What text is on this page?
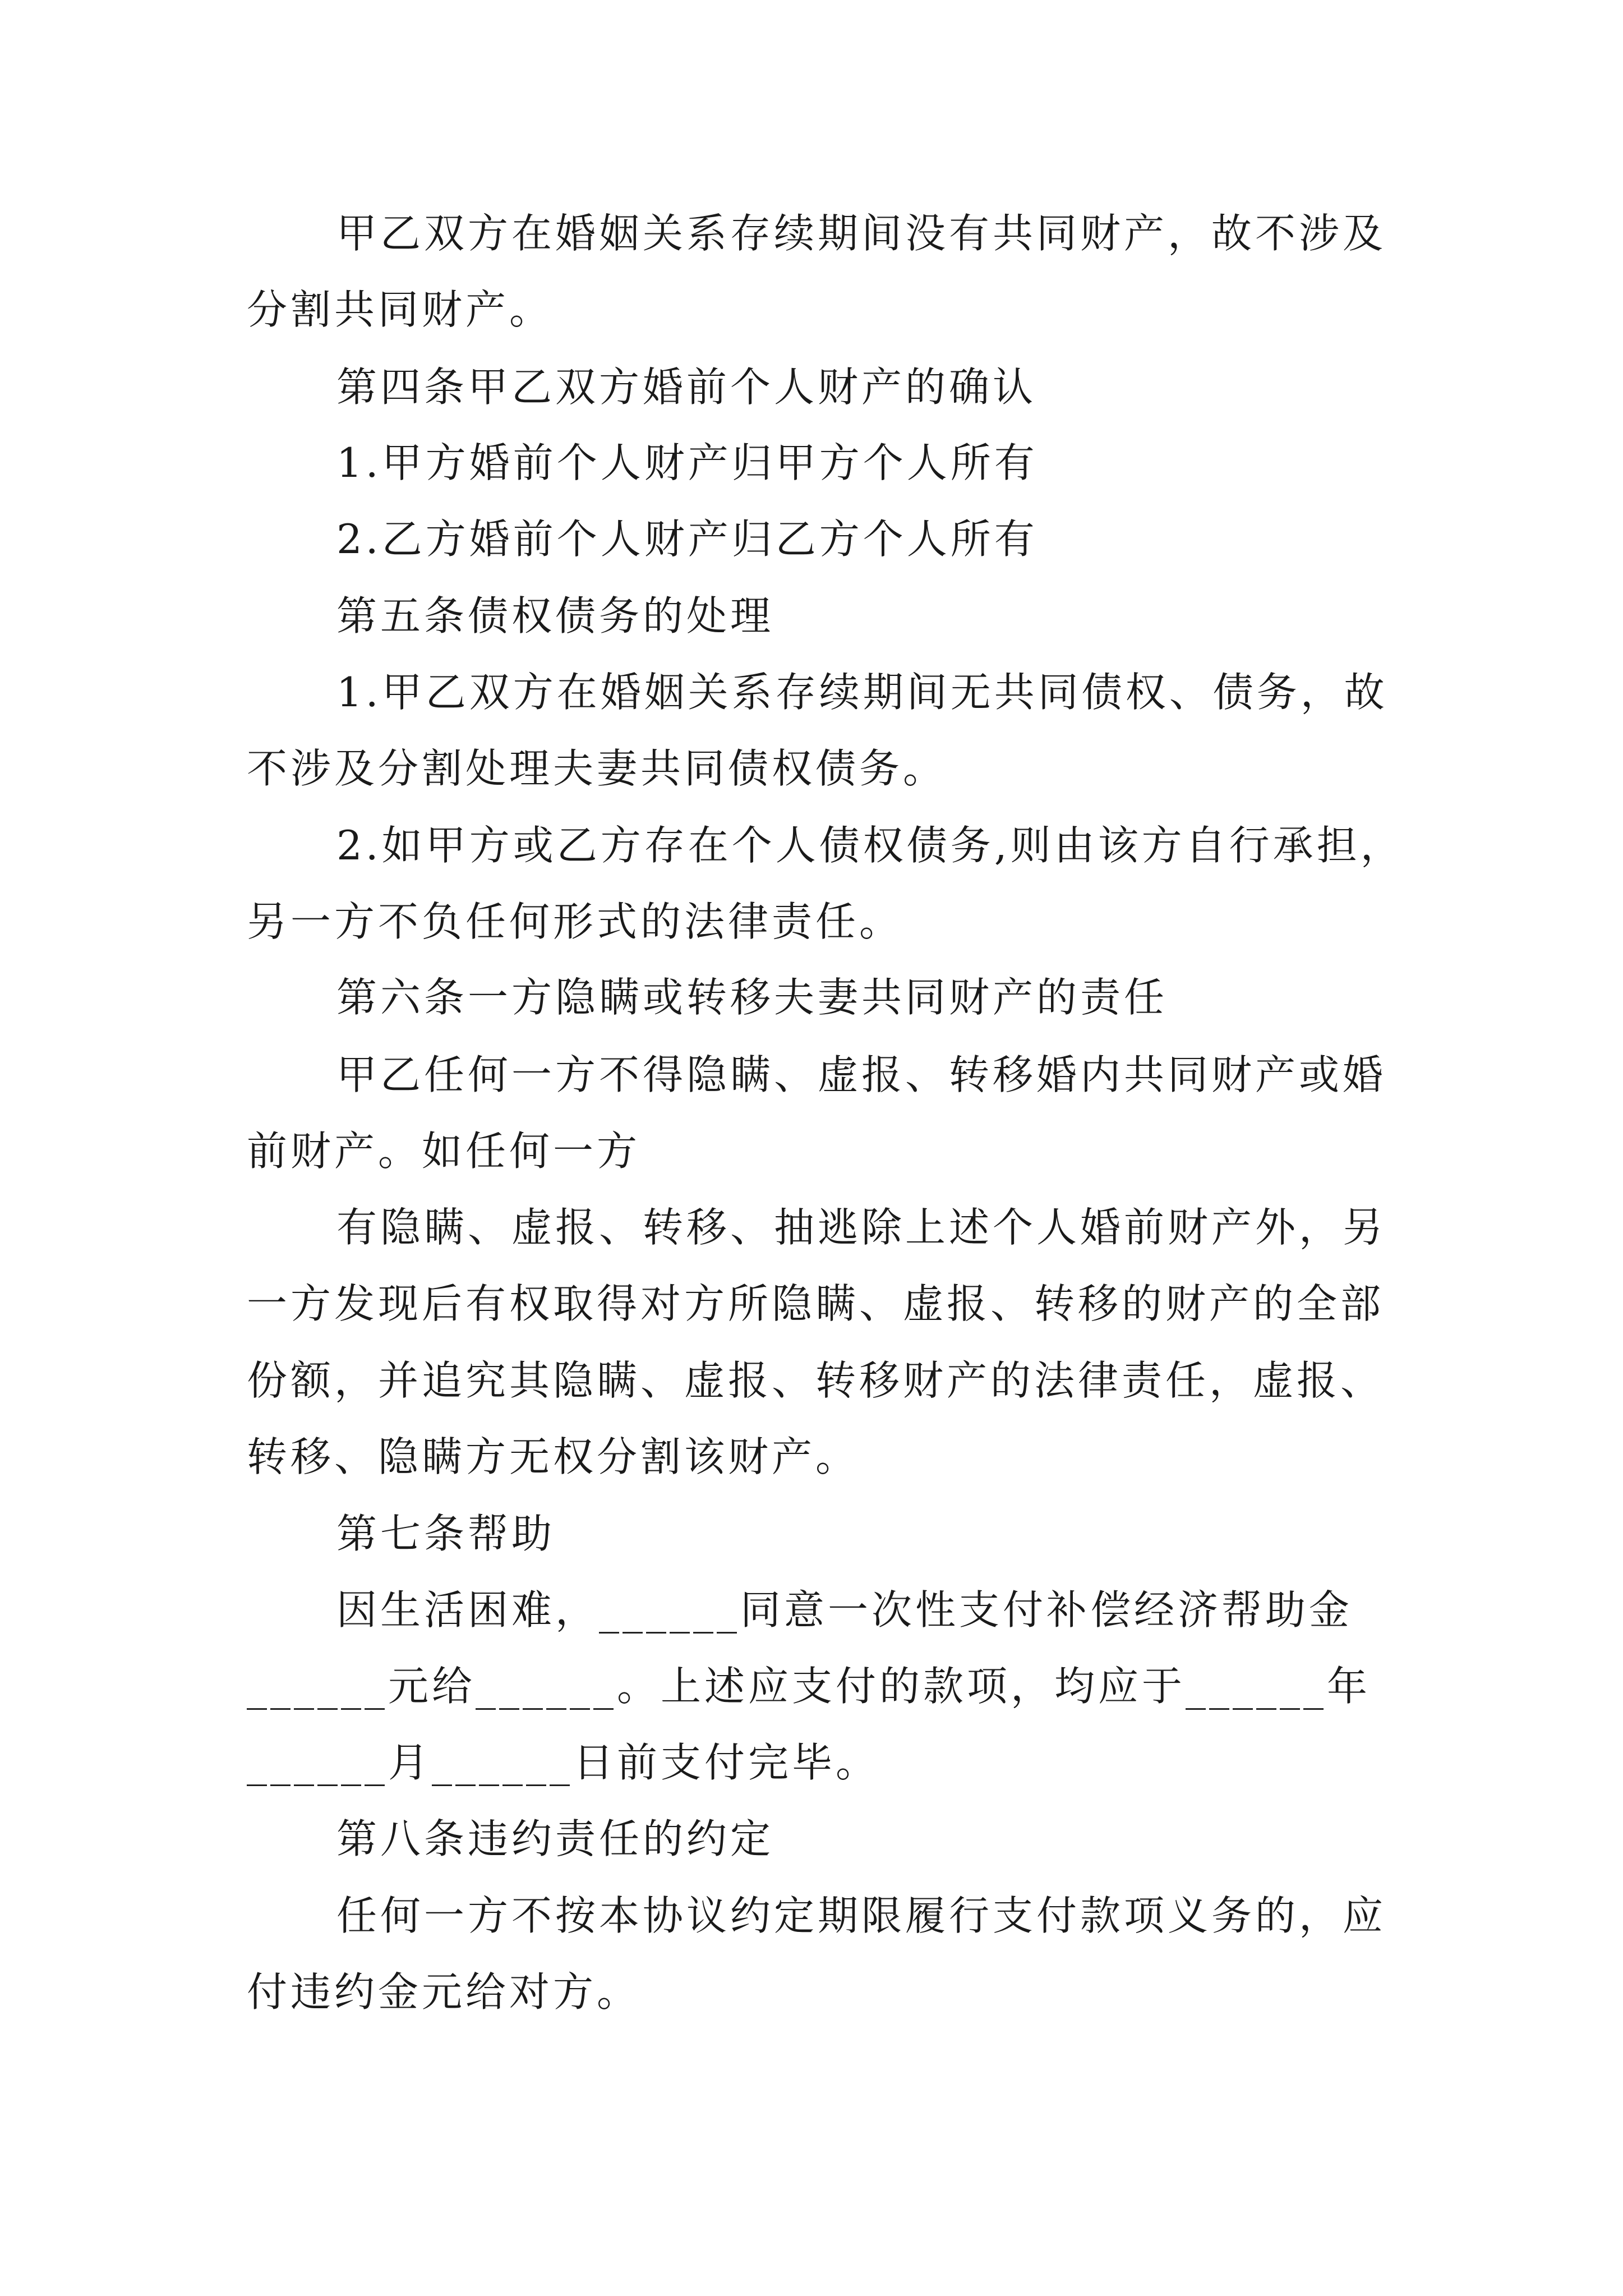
甲乙双方在婚姻关系存续期间没有共同财产，故不涉及
分割共同财产。
第四条甲乙双方婚前个人财产的确认
1.甲方婚前个人财产归甲方个人所有
2.乙方婚前个人财产归乙方个人所有
第五条债权债务的处理
1.甲乙双方在婚姻关系存续期间无共同债权、债务，故
不涉及分割处理夫妻共同债权债务。
2.如甲方或乙方存在个人债权债务,则由该方自行承担，
另一方不负任何形式的法律责任。
第六条一方隐瞒或转移夫妻共同财产的责任
甲乙任何一方不得隐瞒、虚报、转移婚内共同财产或婚
前财产。如任何一方
有隐瞒、虚报、转移、抽逃除上述个人婚前财产外，另
一方发现后有权取得对方所隐瞒、虚报、转移的财产的全部
份额，并追究其隐瞒、虚报、转移财产的法律责任，虚报、
转移、隐瞒方无权分割该财产。
第七条帮助
因生活困难，______同意一次性支付补偿经济帮助金
______元给______。上述应支付的款项，均应于______年
______月______日前支付完毕。
第八条违约责任的约定
任何一方不按本协议约定期限履行支付款项义务的，应
付违约金元给对方。
